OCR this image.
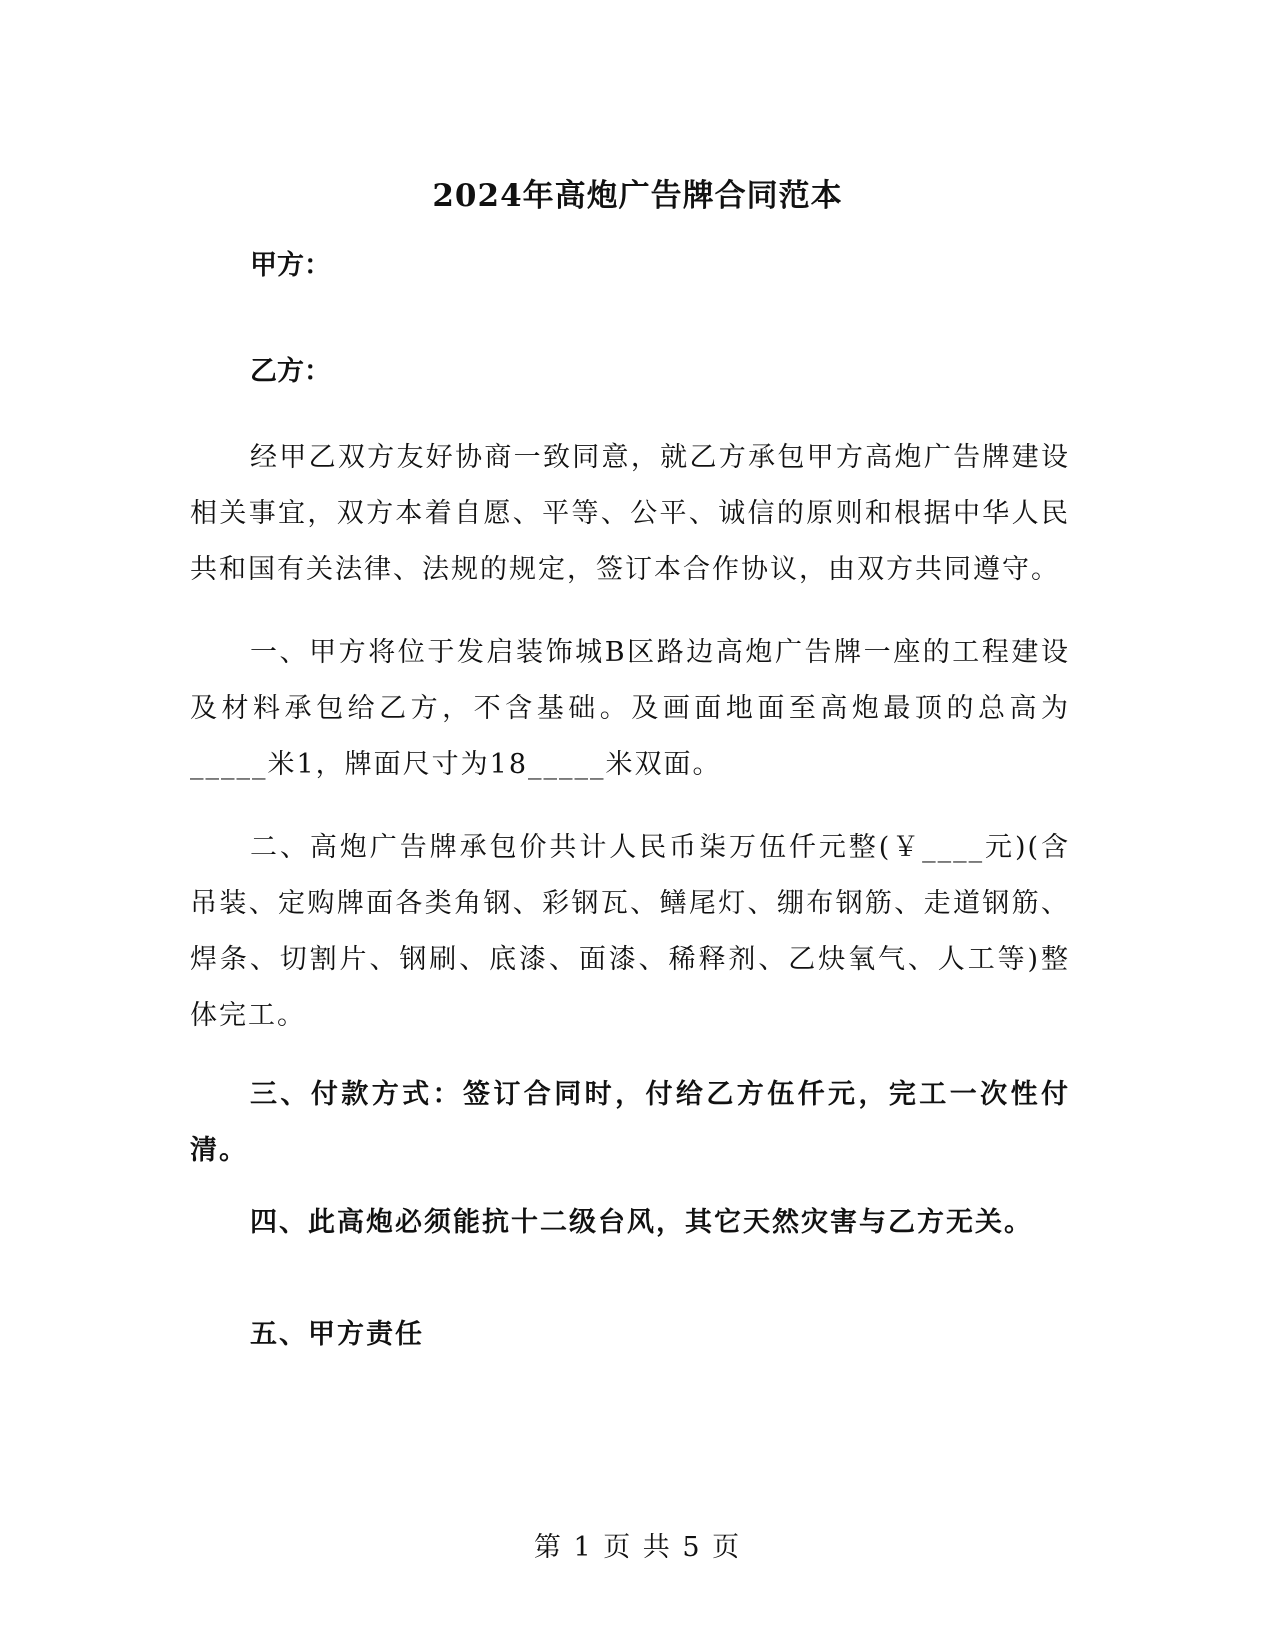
2024年高炮广告牌合同范本
甲方：
乙方：
经甲乙双方友好协商一致同意，就乙方承包甲方高炮广告牌建设相关事宜，双方本着自愿、平等、公平、诚信的原则和根据中华人民共和国有关法律、法规的规定，签订本合作协议，由双方共同遵守。
一、甲方将位于发启装饰城B区路边高炮广告牌一座的工程建设及材料承包给乙方，不含基础。及画面地面至高炮最顶的总高为_____米1，牌面尺寸为18_____米双面。
二、高炮广告牌承包价共计人民币柒万伍仟元整(￥____元)(含吊装、定购牌面各类角钢、彩钢瓦、鳝尾灯、绷布钢筋、走道钢筋、焊条、切割片、钢刷、底漆、面漆、稀释剂、乙炔氧气、人工等)整体完工。
三、付款方式：签订合同时，付给乙方伍仟元，完工一次性付清。
四、此高炮必须能抗十二级台风，其它天然灾害与乙方无关。
五、甲方责任
第 1 页 共 5 页
